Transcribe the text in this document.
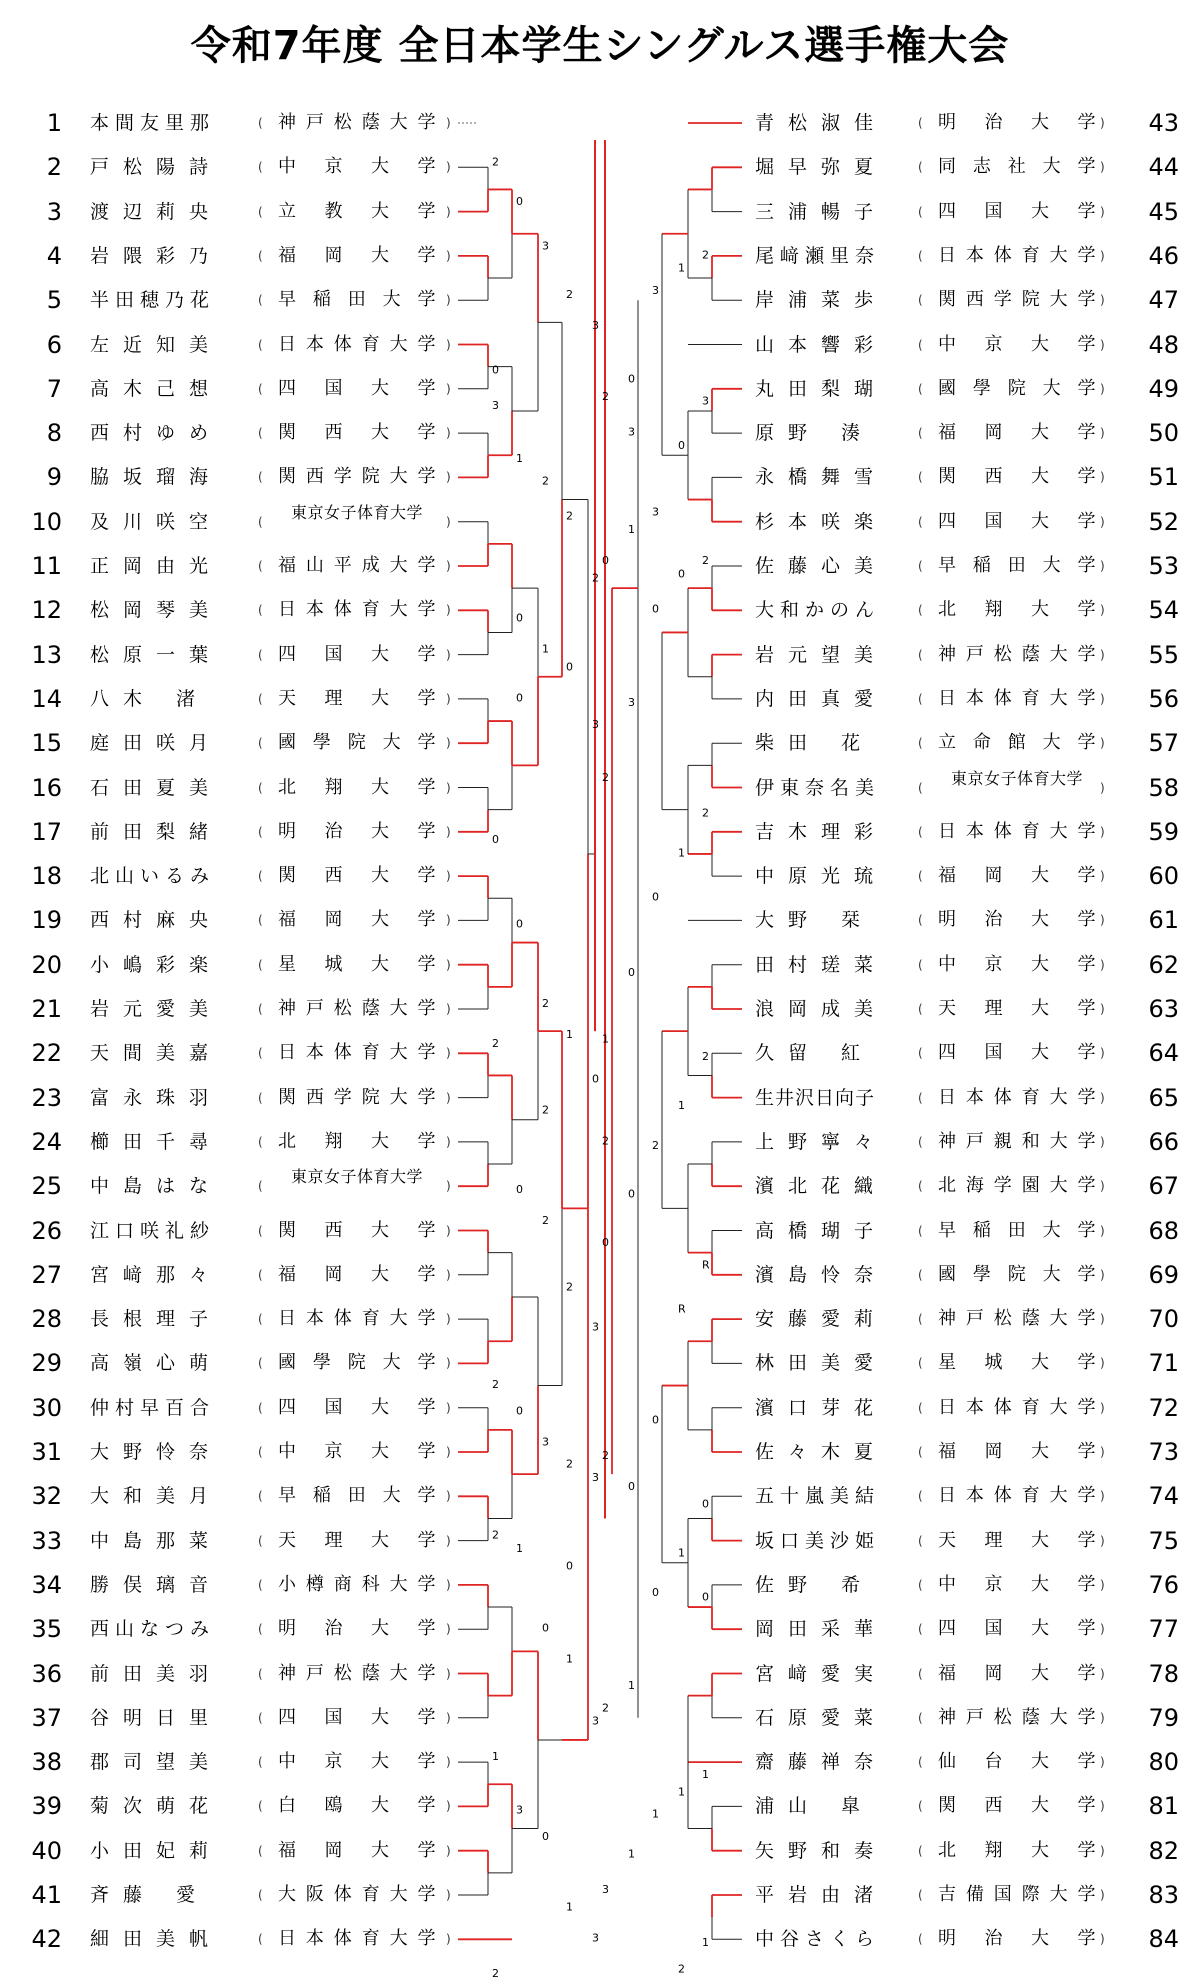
令和7年度 全日本学生シングルス選手権大会
2
0
3
2
3
3
1
2
2
2
0
0
1
0
3
0
0
2
1
0
2
0
2
2
3
2
0
3
2
3
2
1
0
1
3
1
3
0
1
3
2
0
2
0
2
1
3
0
2	3
0
3
1
0	2
0
0
3
2
2
1
0
0
1
2
1
2
0
0
R
R
0
0
2
0
1
0
1
2
1
1
1
1
3
1
2
3
2
0
1 本間友里那	( 神戸松蔭大学 )
2 戸松陽詩	( 中京大学 )
3 渡辺莉央	( 立教大学 )
4 岩隈彩乃	( 福岡大学 )
5 半田穂乃花	( 早稲田大学 )
6 左近知美	( 日本体育大学 )
7 高木己想	( 四国大学 )
8 西村ゆめ	( 関西大学 )
9 脇坂瑠海	( 関西学院大学 )
10 及川咲空	(	東京女子体育大学	)
11 正岡由光	( 福山平成大学 )
12 松岡琴美	( 日本体育大学 )
13 松原一葉	( 四国大学 )
14 八木 渚	( 天理大学 )
15 庭田咲月	( 國學院大学 )
16 石田夏美	( 北翔大学 )
17 前田梨緒	( 明治大学 )
18 北山いるみ	( 関西大学 )
19 西村麻央	( 福岡大学 )
20 小嶋彩楽	( 星城大学 )
21 岩元愛美	( 神戸松蔭大学 )
22 天間美嘉	( 日本体育大学 )
23 富永珠羽	( 関西学院大学 )
24 櫛田千尋	( 北翔大学 )
25 中島はな	(	東京女子体育大学	)
26 江口咲礼紗	( 関西大学 )
27 宮﨑那々	( 福岡大学 )
28 長根理子	( 日本体育大学 )
29 高嶺心萌	( 國學院大学 )
30 仲村早百合	( 四国大学 )
31 大野怜奈	( 中京大学 )
32 大和美月	( 早稲田大学 )
33 中島那菜	( 天理大学 )
34 勝俣璃音	( 小樽商科大学 )
35 西山なつみ	( 明治大学 )
36 前田美羽	( 神戸松蔭大学 )
37 谷明日里	( 四国大学 )
38 郡司望美	( 中京大学 )
39 菊次萌花	( 白鴎大学 )
40 小田妃莉	( 福岡大学 )
41 斉藤 愛	( 大阪体育大学 )
42 細田美帆	( 日本体育大学 )
青松淑佳	( 明治大学 )	43
堀早弥夏	( 同志社大学 )	44
三浦暢子	( 四国大学 )	45
尾﨑瀬里奈	( 日本体育大学 )	46
岸浦菜歩	( 関西学院大学 )	47
山本響彩	( 中京大学 )	48
丸田梨瑚	( 國學院大学 )	49
原野 湊	( 福岡大学 )	50
永橋舞雪	( 関西大学 )	51
杉本咲楽	( 四国大学 )	52
佐藤心美	( 早稲田大学 )	53
大和かのん	( 北翔大学 )	54
岩元望美	( 神戸松蔭大学 )	55
内田真愛	( 日本体育大学 )	56
柴田 花	( 立命館大学 )	57
伊東奈名美	(	東京女子体育大学	)	58
吉木理彩	( 日本体育大学 )	59
中原光琉	( 福岡大学 )	60
大野 栞	( 明治大学 )	61
田村瑳菜	( 中京大学 )	62
浪岡成美	( 天理大学 )	63
久留 紅	( 四国大学 )	64
生井沢日向子	( 日本体育大学 )	65
上野寧々	( 神戸親和大学 )	66
濱北花織	( 北海学園大学 )	67
高橋瑚子	( 早稲田大学 )	68
濱島怜奈	( 國學院大学 )	69
安藤愛莉	( 神戸松蔭大学 )	70
林田美愛	( 星城大学 )	71
濱口芽花	( 日本体育大学 )	72
佐々木夏	( 福岡大学 )	73
五十嵐美結	( 日本体育大学 )	74
坂口美沙姫	( 天理大学 )	75
佐野 希	( 中京大学 )	76
岡田采華	( 四国大学 )	77
宮﨑愛実	( 福岡大学 )	78
石原愛菜	( 神戸松蔭大学 )	79
齋藤禅奈	( 仙台大学 )	80
浦山 皐	( 関西大学 )	81
矢野和奏	( 北翔大学 )	82
平岩由渚	( 吉備国際大学 )	83
中谷さくら	( 明治大学 )	84
